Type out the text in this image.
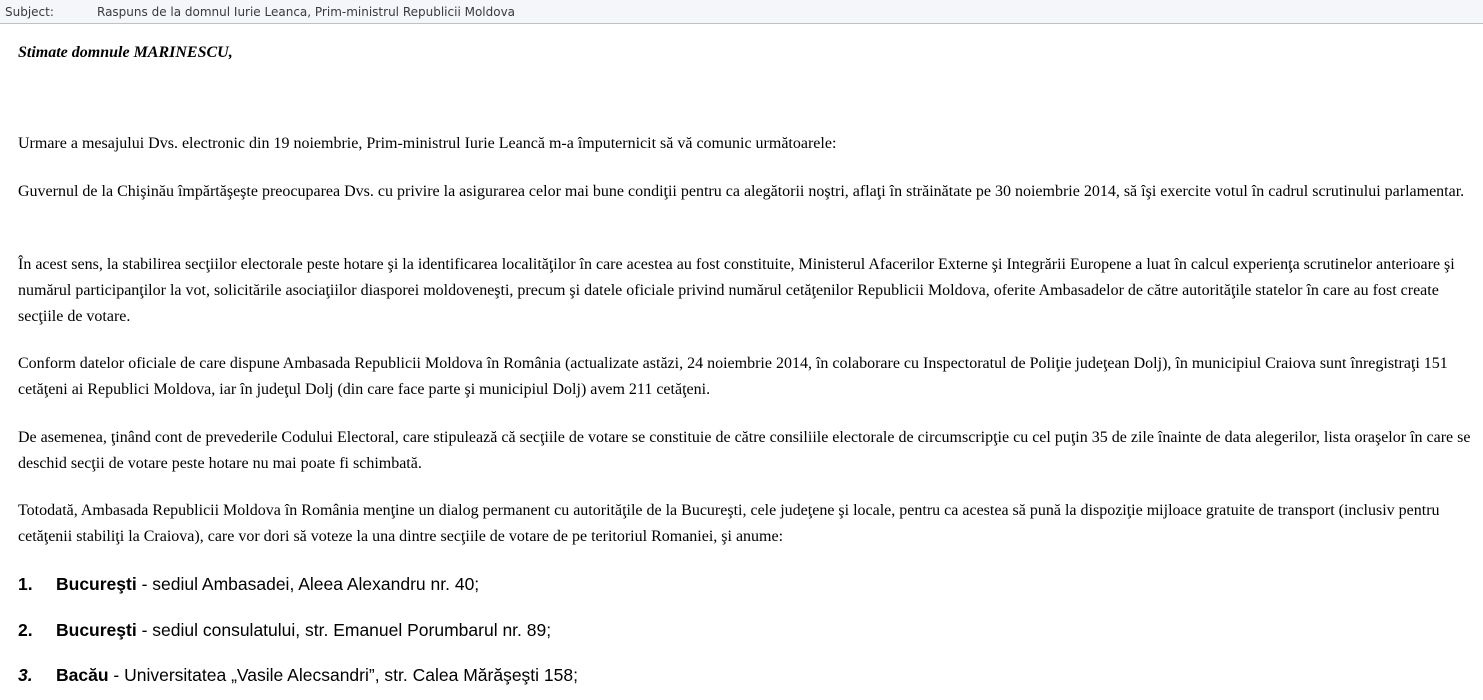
Subject:	Raspuns de la domnul Iurie Leanca, Prim-ministrul Republicii Moldova
Stimate domnule MARINESCU,

Urmare a mesajului Dvs. electronic din 19 noiembrie, Prim-ministrul Iurie Leancă m-a împuternicit să vă comunic următoarele:

Guvernul de la Chişinău împărtăşeşte preocuparea Dvs. cu privire la asigurarea celor mai bune condiţii pentru ca alegătorii noştri, aflaţi în străinătate pe 30 noiembrie 2014, să îşi exercite votul în cadrul scrutinului parlamentar.

În acest sens, la stabilirea secţiilor electorale peste hotare şi la identificarea localităţilor în care acestea au fost constituite, Ministerul Afacerilor Externe şi Integrării Europene a luat în calcul experienţa scrutinelor anterioare şi numărul participanţilor la vot, solicitările asociaţiilor diasporei moldoveneşti, precum şi datele oficiale privind numărul cetăţenilor Republicii Moldova, oferite Ambasadelor de către autorităţile statelor în care au fost create secţiile de votare.

Conform datelor oficiale de care dispune Ambasada Republicii Moldova în România (actualizate astăzi, 24 noiembrie 2014, în colaborare cu Inspectoratul de Poliţie judeţean Dolj), în municipiul Craiova sunt înregistraţi 151 cetăţeni ai Republici Moldova, iar în judeţul Dolj (din care face parte şi municipiul Dolj) avem 211 cetăţeni.

De asemenea, ţinând cont de prevederile Codului Electoral, care stipulează că secţiile de votare se constituie de către consiliile electorale de circumscripţie cu cel puţin 35 de zile înainte de data alegerilor, lista oraşelor în care se deschid secţii de votare peste hotare nu mai poate fi schimbată.

Totodată, Ambasada Republicii Moldova în România menţine un dialog permanent cu autorităţile de la Bucureşti, cele judeţene şi locale, pentru ca acestea să pună la dispoziţie mijloace gratuite de transport (inclusiv pentru cetăţenii stabiliţi la Craiova), care vor dori să voteze la una dintre secţiile de votare de pe teritoriul Romaniei, şi anume:

1. Bucureşti - sediul Ambasadei, Aleea Alexandru nr. 40;
2. Bucureşti - sediul consulatului, str. Emanuel Porumbarul nr. 89;
3. Bacău - Universitatea „Vasile Alecsandri”, str. Calea Mărăşeşti 158;
